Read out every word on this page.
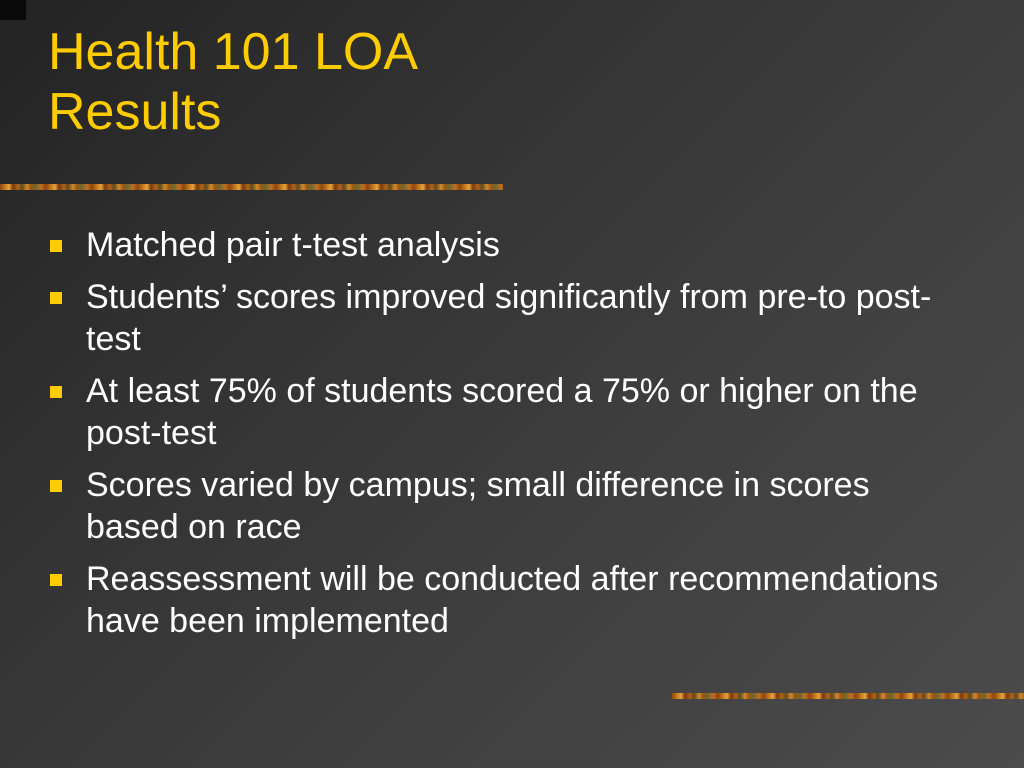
Health 101 LOA
Results
Matched pair t-test analysis
Students’ scores improved significantly from pre-to post-test
At least 75% of students scored a 75% or higher on the post-test
Scores varied by campus; small difference in scores based on race
Reassessment will be conducted after recommendations have been implemented
